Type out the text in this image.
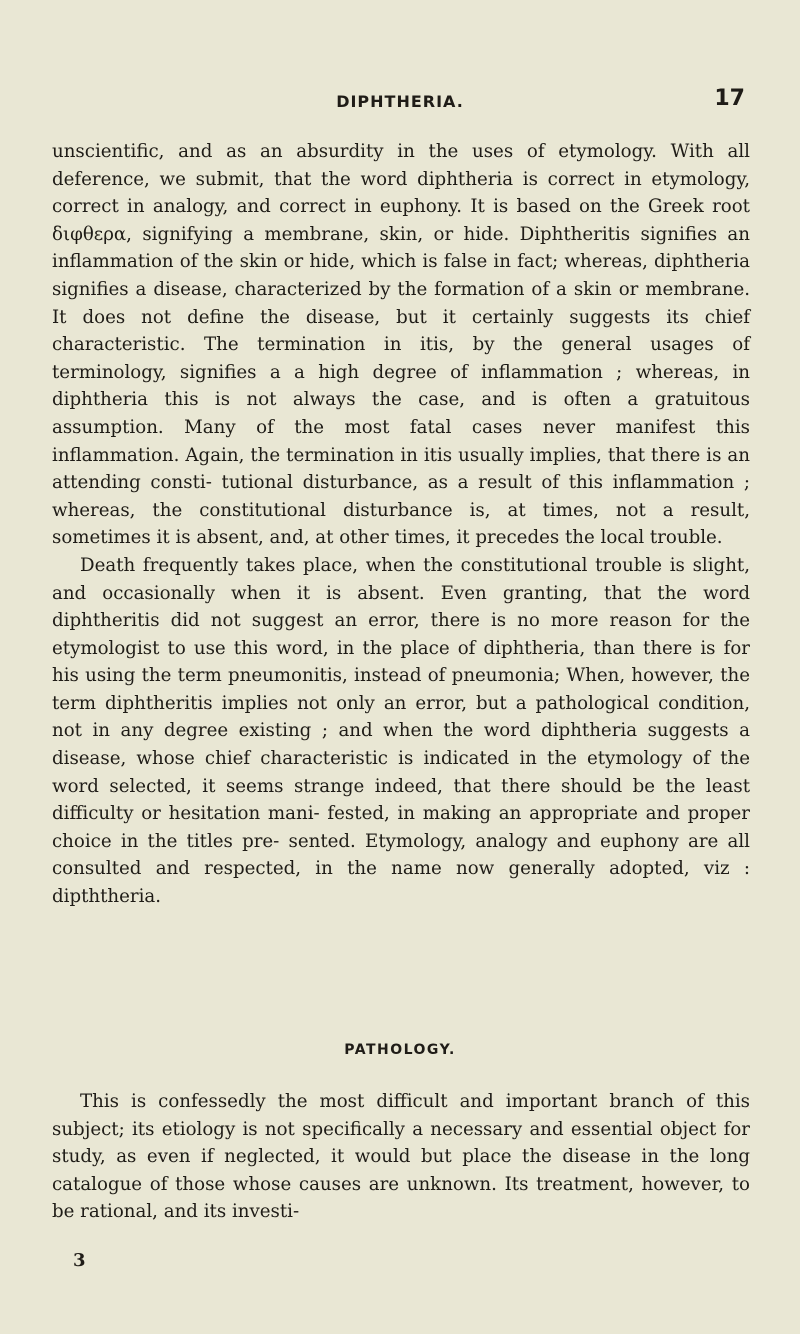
DIPHTHERIA.	17

unscientific, and as an absurdity in the uses of etymology. With all deference, we submit, that the word diphtheria is correct in etymology, correct in analogy, and correct in euphony. It is based on the Greek root διφθερα, signifying a membrane, skin, or hide. Diphtheritis signifies an inflammation of the skin or hide, which is false in fact; whereas, diphtheria signifies a disease, characterized by the formation of a skin or membrane. It does not define the disease, but it certainly suggests its chief characteristic. The termination in itis, by the general usages of terminology, signifies a a high degree of inflammation ; whereas, in diphtheria this is not always the case, and is often a gratuitous assumption. Many of the most fatal cases never manifest this inflammation. Again, the termination in itis usually implies, that there is an attending consti- tutional disturbance, as a result of this inflammation ; whereas, the constitutional disturbance is, at times, not a result, sometimes it is absent, and, at other times, it precedes the local trouble.

Death frequently takes place, when the constitutional trouble is slight, and occasionally when it is absent. Even granting, that the word diphtheritis did not suggest an error, there is no more reason for the etymologist to use this word, in the place of diphtheria, than there is for his using the term pneumonitis, instead of pneumonia; When, however, the term diphtheritis implies not only an error, but a pathological condition, not in any degree existing ; and when the word diphtheria suggests a disease, whose chief characteristic is indicated in the etymology of the word selected, it seems strange indeed, that there should be the least difficulty or hesitation mani- fested, in making an appropriate and proper choice in the titles pre- sented. Etymology, analogy and euphony are all consulted and respected, in the name now generally adopted, viz : dipththeria.

PATHOLOGY.

This is confessedly the most difficult and important branch of this subject; its etiology is not specifically a necessary and essential object for study, as even if neglected, it would but place the disease in the long catalogue of those whose causes are unknown. Its treatment, however, to be rational, and its investi-

3
